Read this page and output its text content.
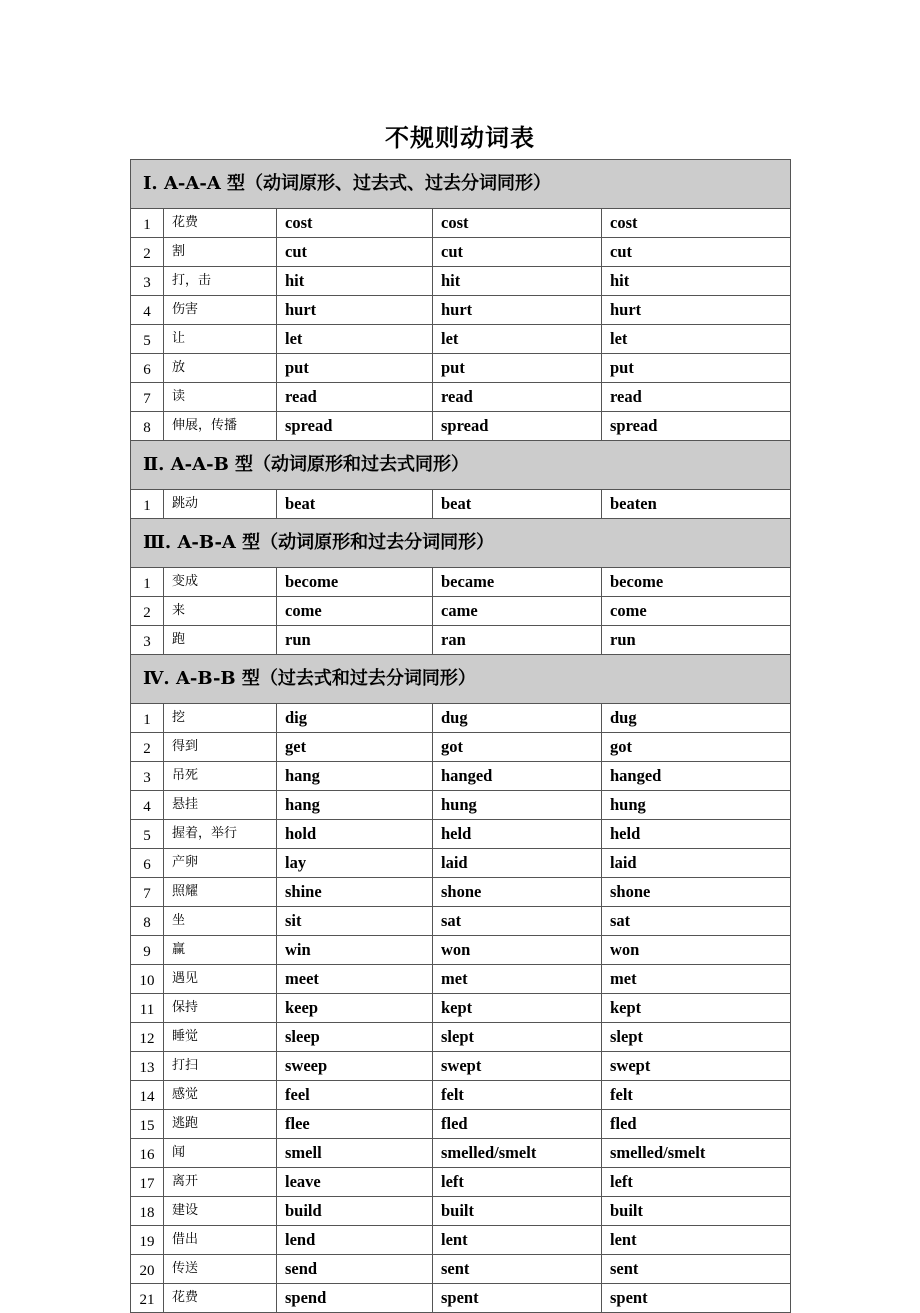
不规则动词表
Ⅰ. A-A-A 型（动词原形、过去式、过去分词同形）				
1	花费	cost	cost	cost
2	割	cut	cut	cut
3	打，击	hit	hit	hit
4	伤害	hurt	hurt	hurt
5	让	let	let	let
6	放	put	put	put
7	读	read	read	read
8	伸展，传播	spread	spread	spread
Ⅱ. A-A-B 型（动词原形和过去式同形）				
1	跳动	beat	beat	beaten
Ⅲ. A-B-A 型（动词原形和过去分词同形）				
1	变成	become	became	become
2	来	come	came	come
3	跑	run	ran	run
Ⅳ. A-B-B 型（过去式和过去分词同形）				
1	挖	dig	dug	dug
2	得到	get	got	got
3	吊死	hang	hanged	hanged
4	悬挂	hang	hung	hung
5	握着，举行	hold	held	held
6	产卵	lay	laid	laid
7	照耀	shine	shone	shone
8	坐	sit	sat	sat
9	赢	win	won	won
10	遇见	meet	met	met
11	保持	keep	kept	kept
12	睡觉	sleep	slept	slept
13	打扫	sweep	swept	swept
14	感觉	feel	felt	felt
15	逃跑	flee	fled	fled
16	闻	smell	smelled/smelt	smelled/smelt
17	离开	leave	left	left
18	建设	build	built	built
19	借出	lend	lent	lent
20	传送	send	sent	sent
21	花费	spend	spent	spent
